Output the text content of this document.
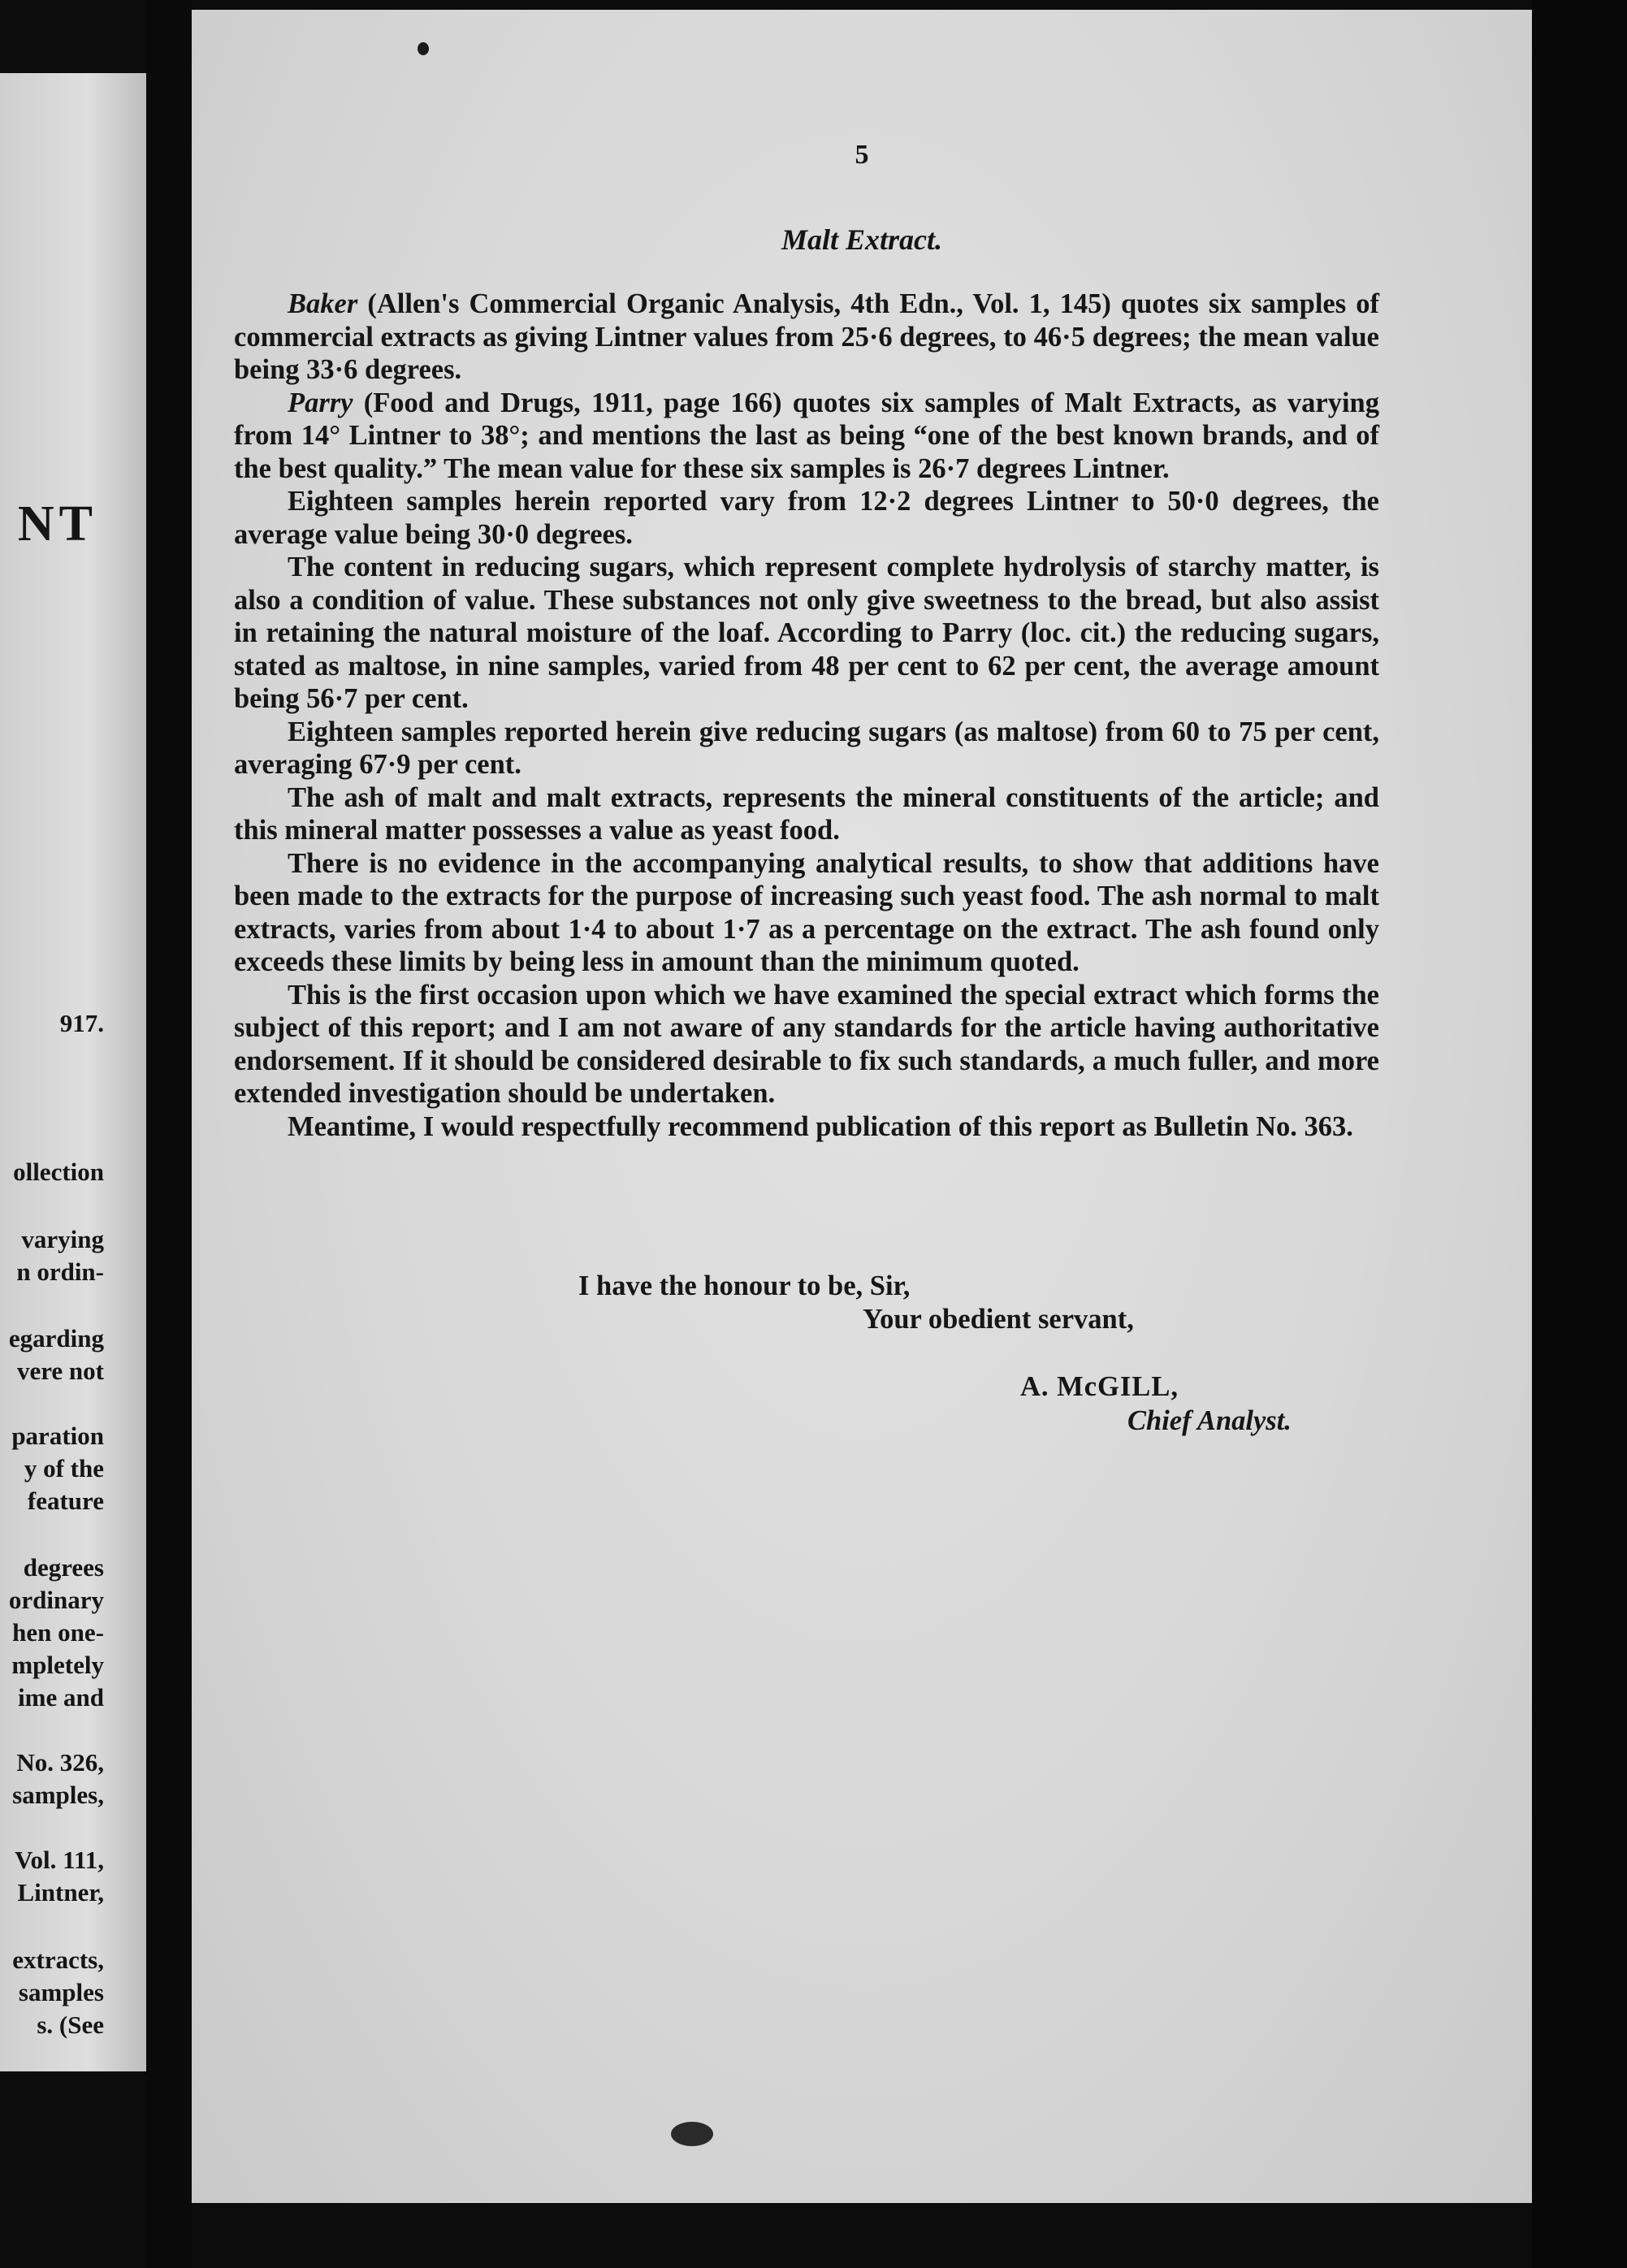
NT
917.
ollection
varying
n ordin-
egarding
vere not
paration
y of the
feature
degrees
ordinary
hen one-
mpletely
ime and
No. 326,
samples,
Vol. 111,
Lintner,
extracts,
samples
s. (See
5
Malt Extract.

Baker (Allen's Commercial Organic Analysis, 4th Edn., Vol. 1, 145) quotes six samples of commercial extracts as giving Lintner values from 25·6 degrees, to 46·5 degrees; the mean value being 33·6 degrees.

Parry (Food and Drugs, 1911, page 166) quotes six samples of Malt Extracts, as varying from 14° Lintner to 38°; and mentions the last as being “one of the best known brands, and of the best quality.” The mean value for these six samples is 26·7 degrees Lintner.

Eighteen samples herein reported vary from 12·2 degrees Lintner to 50·0 degrees, the average value being 30·0 degrees.

The content in reducing sugars, which represent complete hydrolysis of starchy matter, is also a condition of value. These substances not only give sweetness to the bread, but also assist in retaining the natural moisture of the loaf. According to Parry (loc. cit.) the reducing sugars, stated as maltose, in nine samples, varied from 48 per cent to 62 per cent, the average amount being 56·7 per cent.

Eighteen samples reported herein give reducing sugars (as maltose) from 60 to 75 per cent, averaging 67·9 per cent.

The ash of malt and malt extracts, represents the mineral constituents of the article; and this mineral matter possesses a value as yeast food.

There is no evidence in the accompanying analytical results, to show that additions have been made to the extracts for the purpose of increasing such yeast food. The ash normal to malt extracts, varies from about 1·4 to about 1·7 as a percentage on the extract. The ash found only exceeds these limits by being less in amount than the minimum quoted.

This is the first occasion upon which we have examined the special extract which forms the subject of this report; and I am not aware of any standards for the article having authoritative endorsement. If it should be considered desirable to fix such standards, a much fuller, and more extended investigation should be undertaken.

Meantime, I would respectfully recommend publication of this report as Bulletin No. 363.

I have the honour to be, Sir,
Your obedient servant,
A. McGILL,
Chief Analyst.
